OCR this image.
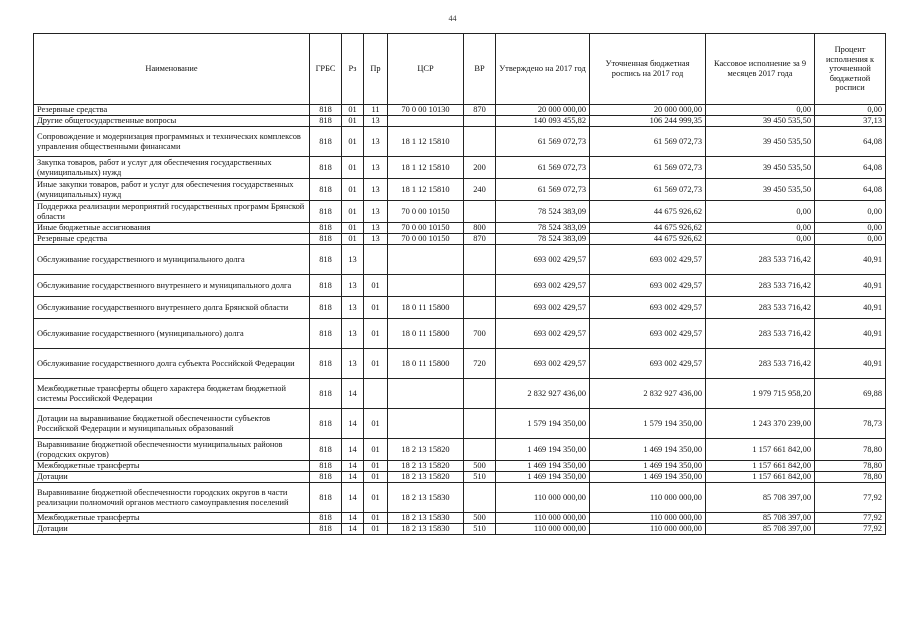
44
Наименование	ГРБС	Рз	Пр	ЦСР	ВР	Утверждено на 2017 год	Уточненная бюджетная роспись на 2017 год	Кассовое исполнение за 9 месяцев 2017 года	Процент исполнения к уточненной бюджетной росписи
Резервные средства	818	01	11	70 0 00 10130	870	20 000 000,00	20 000 000,00	0,00	0,00
Другие общегосударственные вопросы	818	01	13			140 093 455,82	106 244 999,35	39 450 535,50	37,13
Сопровождение и модернизация программных и технических комплексов управления общественными финансами	818	01	13	18 1 12 15810		61 569 072,73	61 569 072,73	39 450 535,50	64,08
Закупка товаров, работ и услуг для обеспечения государственных (муниципальных) нужд	818	01	13	18 1 12 15810	200	61 569 072,73	61 569 072,73	39 450 535,50	64,08
Иные закупки товаров, работ и услуг для обеспечения государственных (муниципальных) нужд	818	01	13	18 1 12 15810	240	61 569 072,73	61 569 072,73	39 450 535,50	64,08
Поддержка реализации мероприятий государственных программ Брянской области	818	01	13	70 0 00 10150		78 524 383,09	44 675 926,62	0,00	0,00
Иные бюджетные ассигнования	818	01	13	70 0 00 10150	800	78 524 383,09	44 675 926,62	0,00	0,00
Резервные средства	818	01	13	70 0 00 10150	870	78 524 383,09	44 675 926,62	0,00	0,00
Обслуживание государственного и муниципального долга	818	13				693 002 429,57	693 002 429,57	283 533 716,42	40,91
Обслуживание государственного внутреннего и муниципального долга	818	13	01			693 002 429,57	693 002 429,57	283 533 716,42	40,91
Обслуживание государственного внутреннего долга Брянской области	818	13	01	18 0 11 15800		693 002 429,57	693 002 429,57	283 533 716,42	40,91
Обслуживание государственного (муниципального) долга	818	13	01	18 0 11 15800	700	693 002 429,57	693 002 429,57	283 533 716,42	40,91
Обслуживание государственного долга субъекта Российской Федерации	818	13	01	18 0 11 15800	720	693 002 429,57	693 002 429,57	283 533 716,42	40,91
Межбюджетные трансферты общего характера бюджетам бюджетной системы Российской Федерации	818	14				2 832 927 436,00	2 832 927 436,00	1 979 715 958,20	69,88
Дотации на выравнивание бюджетной обеспеченности субъектов Российской Федерации и муниципальных образований	818	14	01			1 579 194 350,00	1 579 194 350,00	1 243 370 239,00	78,73
Выравнивание бюджетной обеспеченности муниципальных районов (городских округов)	818	14	01	18 2 13 15820		1 469 194 350,00	1 469 194 350,00	1 157 661 842,00	78,80
Межбюджетные трансферты	818	14	01	18 2 13 15820	500	1 469 194 350,00	1 469 194 350,00	1 157 661 842,00	78,80
Дотации	818	14	01	18 2 13 15820	510	1 469 194 350,00	1 469 194 350,00	1 157 661 842,00	78,80
Выравнивание бюджетной обеспеченности городских округов в части реализации полномочий органов местного самоуправления поселений	818	14	01	18 2 13 15830		110 000 000,00	110 000 000,00	85 708 397,00	77,92
Межбюджетные трансферты	818	14	01	18 2 13 15830	500	110 000 000,00	110 000 000,00	85 708 397,00	77,92
Дотации	818	14	01	18 2 13 15830	510	110 000 000,00	110 000 000,00	85 708 397,00	77,92
